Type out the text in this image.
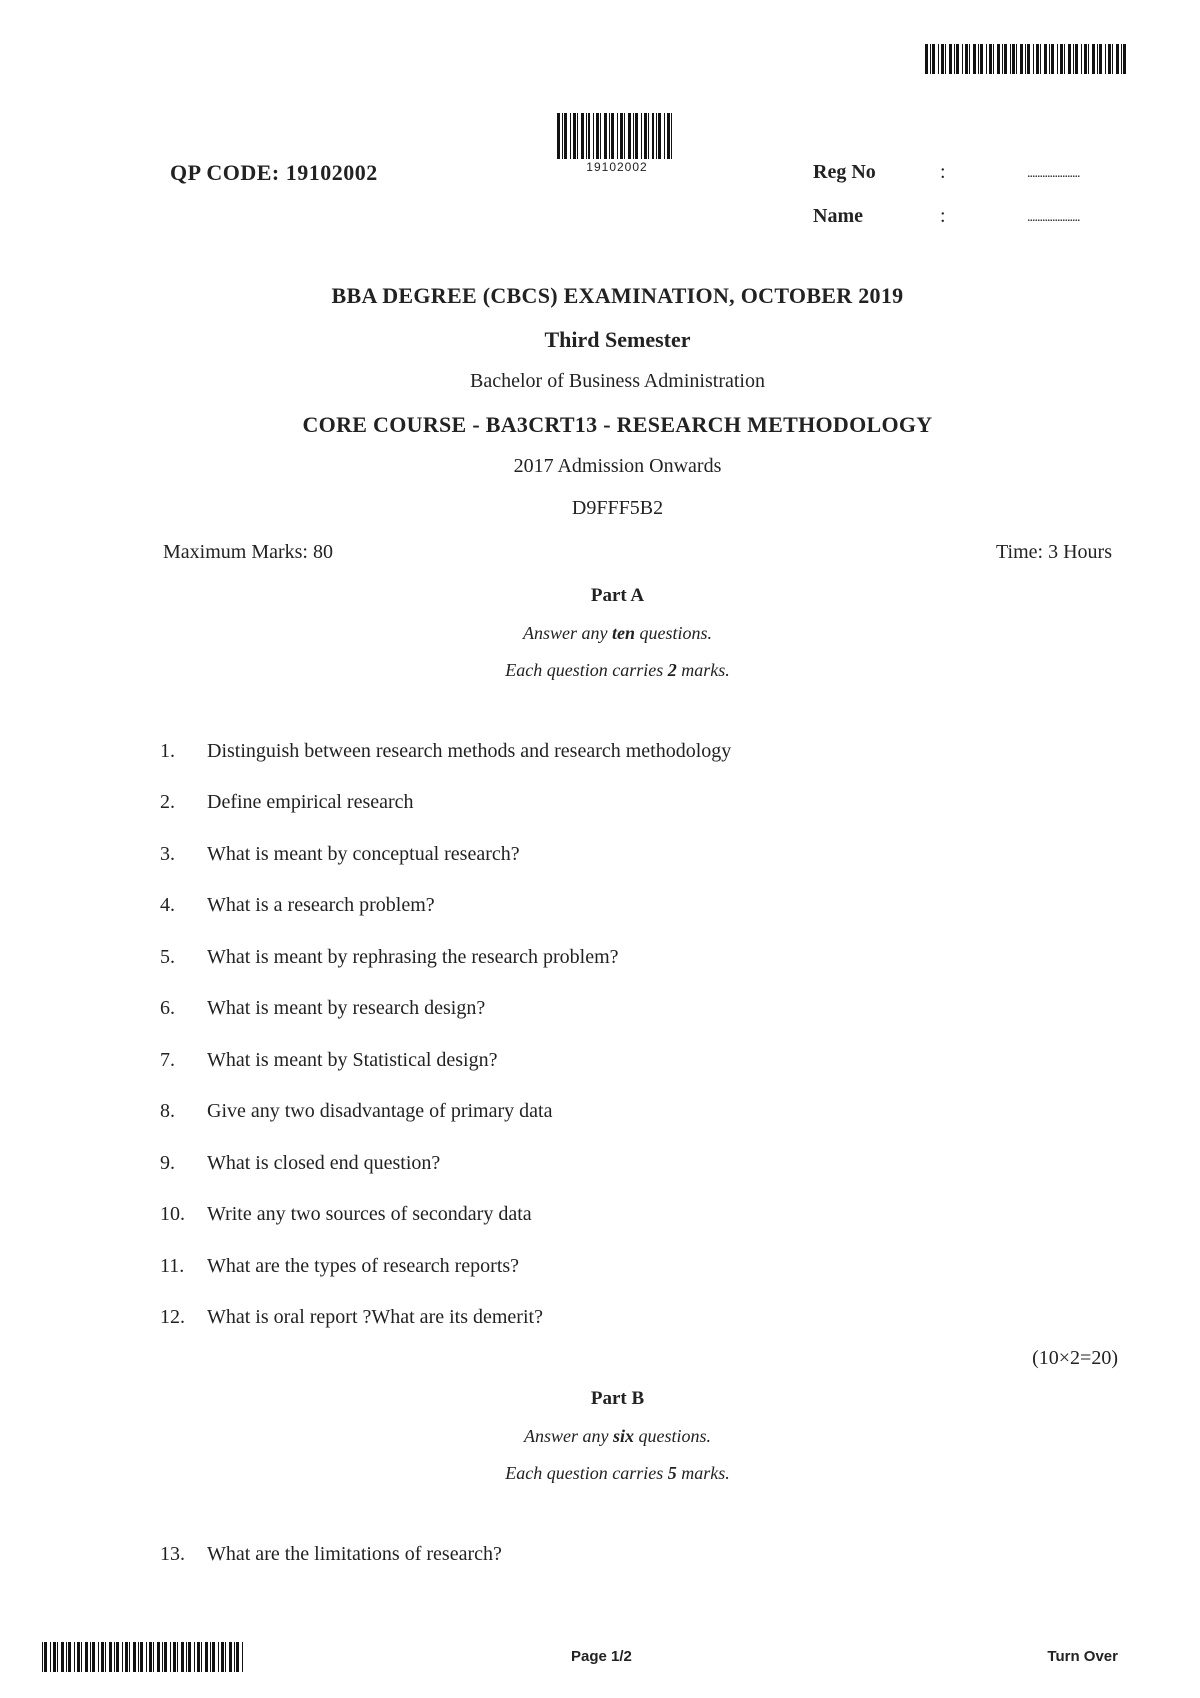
19102002
QP CODE: 19102002	Reg No	:	.....................
Name	:	.....................
BBA DEGREE (CBCS) EXAMINATION, OCTOBER 2019
Third Semester
Bachelor of Business Administration
CORE COURSE - BA3CRT13 - RESEARCH METHODOLOGY
2017 Admission Onwards
D9FFF5B2
Maximum Marks: 80	Time: 3 Hours
Part A
Answer any ten questions.
Each question carries 2 marks.
1.	Distinguish between research methods and research methodology
2.	Define empirical research
3.	What is meant by conceptual research?
4.	What is a research problem?
5.	What is meant by rephrasing the research problem?
6.	What is meant by research design?
7.	What is meant by Statistical design?
8.	Give any two disadvantage of primary data
9.	What is closed end question?
10.	Write any two sources of secondary data
11.	What are the types of research reports?
12.	What is oral report ?What are its demerit?
(10×2=20)
Part B
Answer any six questions.
Each question carries 5 marks.
13.	What are the limitations of research?
Page 1/2	Turn Over
